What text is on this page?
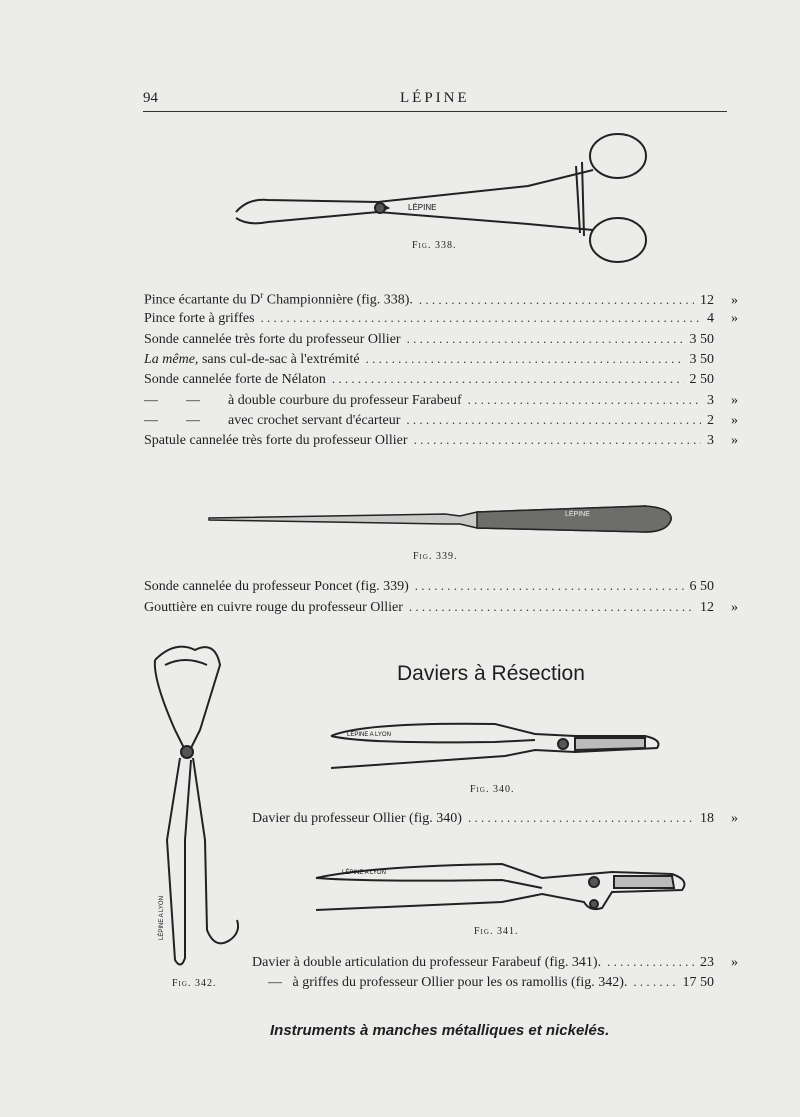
94	LÉPINE
LÉPINE
Fig. 338.
Pince écartante du $D^r$ Championnière (fig. 338). . . .	12	»
Pince forte à griffes . . .	4	»
Sonde cannelée très forte du professeur Ollier . . .	3 50
La même, sans cul-de-sac à l'extrémité . . .	3 50
Sonde cannelée forte de Nélaton . . .	2 50
—        —        à double courbure du professeur Farabeuf . . .	3	»
—        —        avec crochet servant d'écarteur . . .	2	»
Spatule cannelée très forte du professeur Ollier . . .	3	»
LÉPINE
Fig. 339.
Sonde cannelée du professeur Poncet (fig. 339) . . .	6 50
Gouttière en cuivre rouge du professeur Ollier . . .	12	»
LÉPINE A LYON
Fig. 342.
Daviers à Résection
LÉPINE A LYON
Fig. 340.
LÉPINE A LYON
Fig. 341.
Davier du professeur Ollier (fig. 340) . . .	18	»
Davier à double articulation du professeur Farabeuf (fig. 341). . . .	23	»
—   à griffes du professeur Ollier pour les os ramollis (fig. 342). . . .	17 50
Instruments à manches métalliques et nickelés.
